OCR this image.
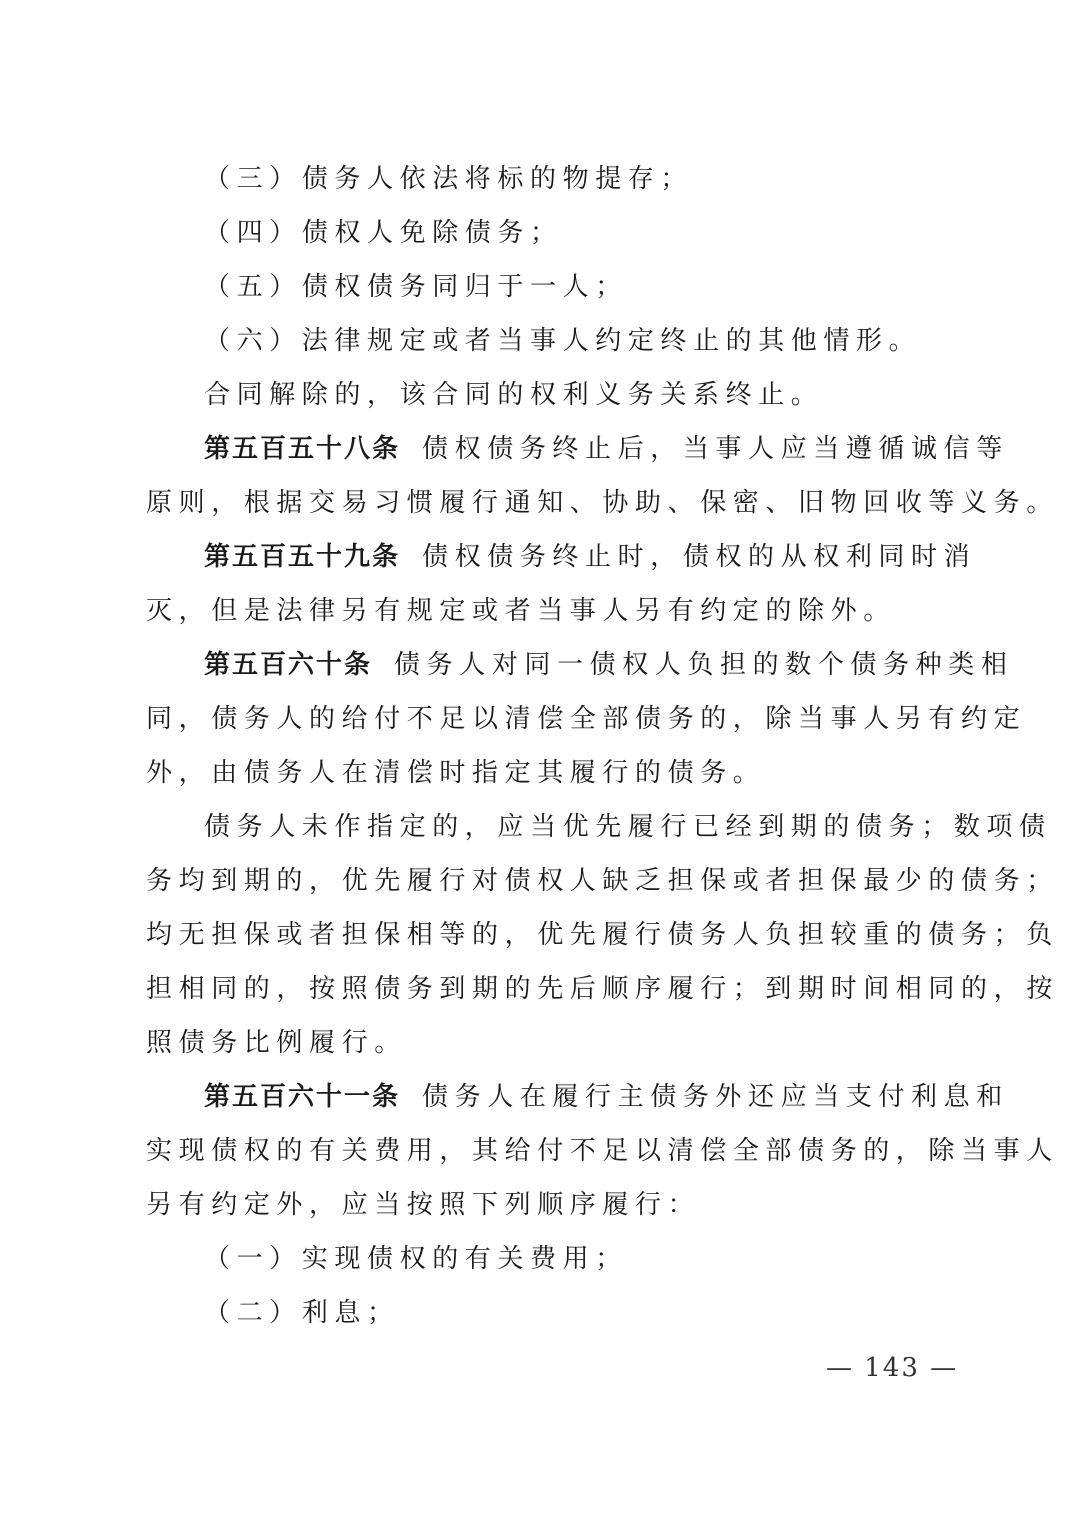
（三）债务人依法将标的物提存；
（四）债权人免除债务；
（五）债权债务同归于一人；
（六）法律规定或者当事人约定终止的其他情形。
合同解除的，该合同的权利义务关系终止。
第五百五十八条 债权债务终止后，当事人应当遵循诚信等
原则，根据交易习惯履行通知、协助、保密、旧物回收等义务。
第五百五十九条 债权债务终止时，债权的从权利同时消
灭，但是法律另有规定或者当事人另有约定的除外。
第五百六十条 债务人对同一债权人负担的数个债务种类相
同，债务人的给付不足以清偿全部债务的，除当事人另有约定
外，由债务人在清偿时指定其履行的债务。
债务人未作指定的，应当优先履行已经到期的债务；数项债
务均到期的，优先履行对债权人缺乏担保或者担保最少的债务；
均无担保或者担保相等的，优先履行债务人负担较重的债务；负
担相同的，按照债务到期的先后顺序履行；到期时间相同的，按
照债务比例履行。
第五百六十一条 债务人在履行主债务外还应当支付利息和
实现债权的有关费用，其给付不足以清偿全部债务的，除当事人
另有约定外，应当按照下列顺序履行：
（一）实现债权的有关费用；
（二）利息；
— 143 —
